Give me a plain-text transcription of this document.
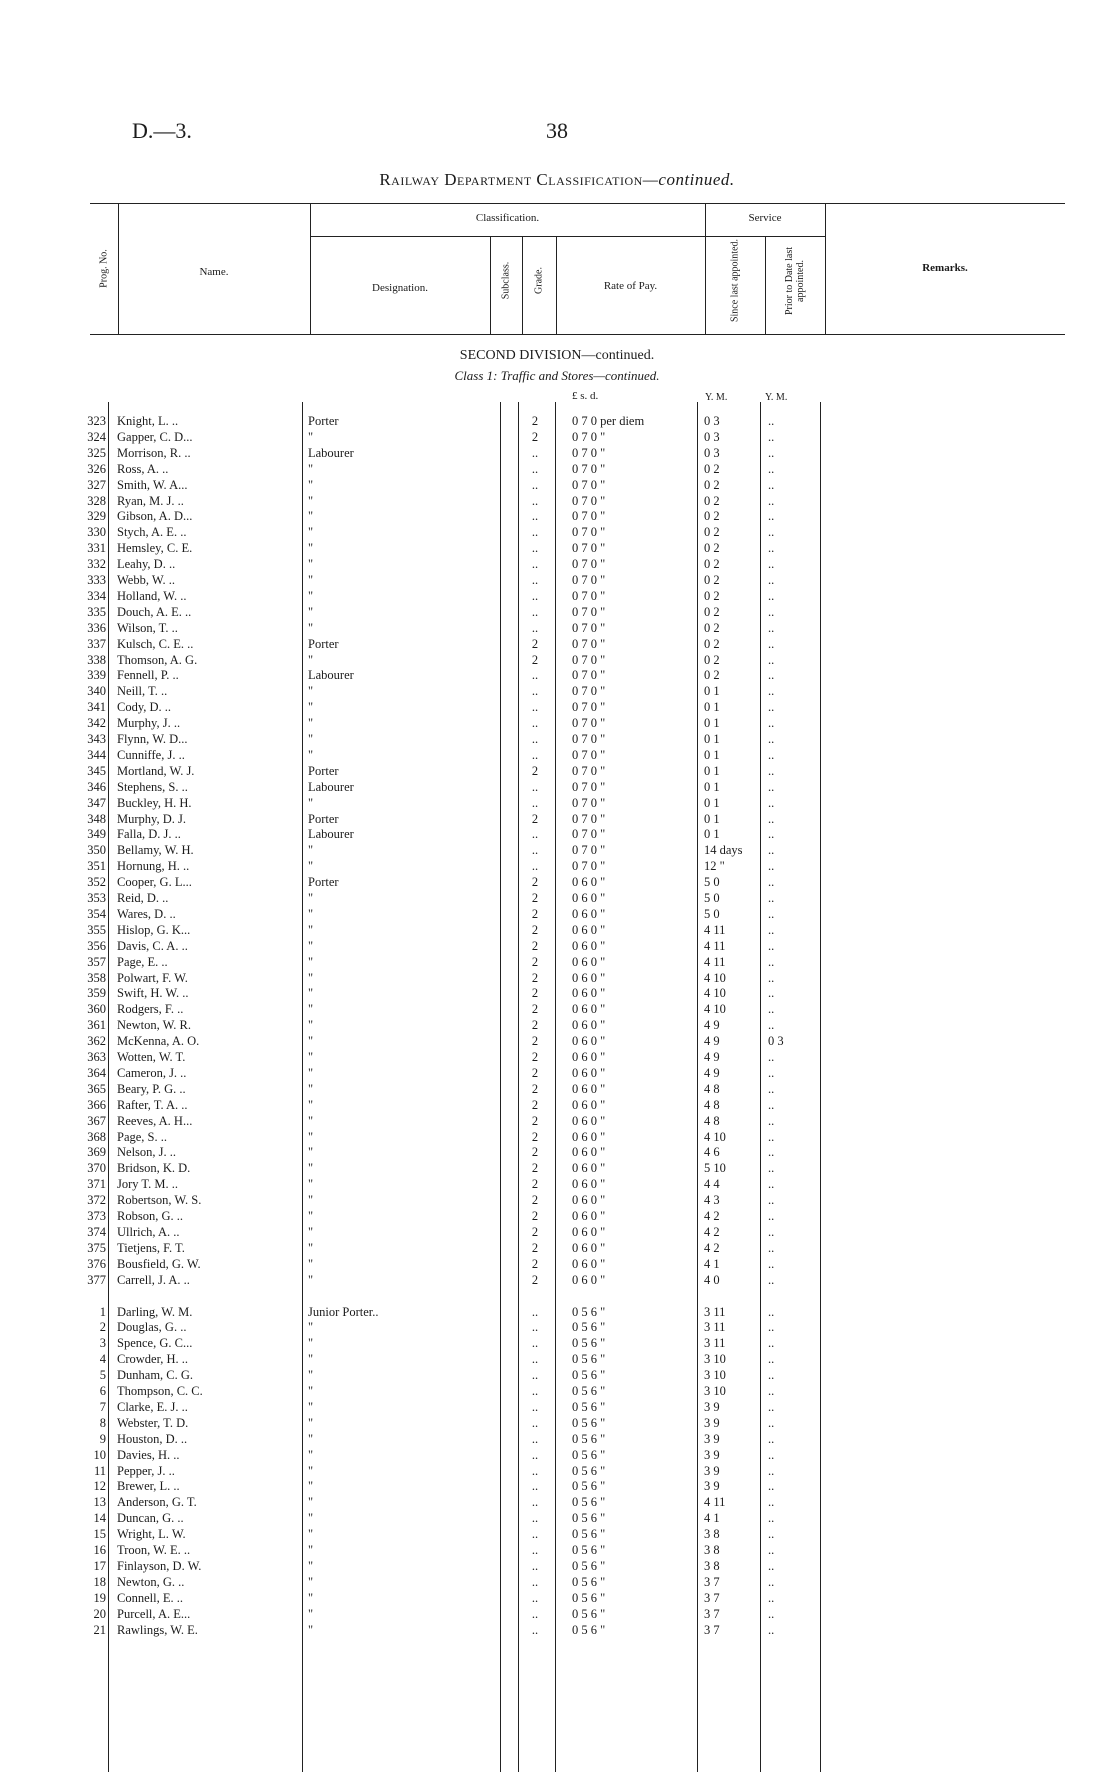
D.—3.	38
Railway Department Classification—continued.
Prog. No.	Name.
Classification.	Service
Designation.	Subclass. Grade.	Rate of Pay.	Since last appointed.	Prior to Date last appointed.	Remarks.
SECOND DIVISION—continued.
Class 1: Traffic and Stores—continued.
£ s. d.	Y. M.	Y. M.
323 Knight, L. ..	Porter	2	0 7 0 per diem	0 3	..
324 Gapper, C. D...	"	2	0 7 0 "	0 3	..
325 Morrison, R. ..	Labourer	..	0 7 0 "	0 3	..
326 Ross, A. ..	"	..	0 7 0 "	0 2	..
327 Smith, W. A...	"	..	0 7 0 "	0 2	..
328 Ryan, M. J. ..	"	..	0 7 0 "	0 2	..
329 Gibson, A. D...	"	..	0 7 0 "	0 2	..
330 Stych, A. E. ..	"	..	0 7 0 "	0 2	..
331 Hemsley, C. E.	"	..	0 7 0 "	0 2	..
332 Leahy, D. ..	"	..	0 7 0 "	0 2	..
333 Webb, W. ..	"	..	0 7 0 "	0 2	..
334 Holland, W. ..	"	..	0 7 0 "	0 2	..
335 Douch, A. E. ..	"	..	0 7 0 "	0 2	..
336 Wilson, T. ..	"	..	0 7 0 "	0 2	..
337 Kulsch, C. E. ..	Porter	2	0 7 0 "	0 2	..
338 Thomson, A. G.	"	2	0 7 0 "	0 2	..
339 Fennell, P. ..	Labourer	..	0 7 0 "	0 2	..
340 Neill, T. ..	"	..	0 7 0 "	0 1	..
341 Cody, D. ..	"	..	0 7 0 "	0 1	..
342 Murphy, J. ..	"	..	0 7 0 "	0 1	..
343 Flynn, W. D...	"	..	0 7 0 "	0 1	..
344 Cunniffe, J. ..	"	..	0 7 0 "	0 1	..
345 Mortland, W. J.	Porter	2	0 7 0 "	0 1	..
346 Stephens, S. ..	Labourer	..	0 7 0 "	0 1	..
347 Buckley, H. H.	"	..	0 7 0 "	0 1	..
348 Murphy, D. J.	Porter	2	0 7 0 "	0 1	..
349 Falla, D. J. ..	Labourer	..	0 7 0 "	0 1	..
350 Bellamy, W. H.	"	..	0 7 0 "	14 days ..
351 Hornung, H. ..	"	..	0 7 0 "	12 "	..
352 Cooper, G. L...	Porter	2	0 6 0 "	5 0	..
353 Reid, D. ..	"	2	0 6 0 "	5 0	..
354 Wares, D. ..	"	2	0 6 0 "	5 0	..
355 Hislop, G. K...	"	2	0 6 0 "	4 11	..
356 Davis, C. A. ..	"	2	0 6 0 "	4 11	..
357 Page, E. ..	"	2	0 6 0 "	4 11	..
358 Polwart, F. W.	"	2	0 6 0 "	4 10	..
359 Swift, H. W. ..	"	2	0 6 0 "	4 10	..
360 Rodgers, F. ..	"	2	0 6 0 "	4 10	..
361 Newton, W. R.	"	2	0 6 0 "	4 9	..
362 McKenna, A. O.	"	2	0 6 0 "	4 9	0 3
363 Wotten, W. T.	"	2	0 6 0 "	4 9	..
364 Cameron, J. ..	"	2	0 6 0 "	4 9	..
365 Beary, P. G. ..	"	2	0 6 0 "	4 8	..
366 Rafter, T. A. ..	"	2	0 6 0 "	4 8	..
367 Reeves, A. H...	"	2	0 6 0 "	4 8	..
368 Page, S. ..	"	2	0 6 0 "	4 10	..
369 Nelson, J. ..	"	2	0 6 0 "	4 6	..
370 Bridson, K. D.	"	2	0 6 0 "	5 10	..
371 Jory T. M. ..	"	2	0 6 0 "	4 4	..
372 Robertson, W. S.	"	2	0 6 0 "	4 3	..
373 Robson, G. ..	"	2	0 6 0 "	4 2	..
374 Ullrich, A. ..	"	2	0 6 0 "	4 2	..
375 Tietjens, F. T.	"	2	0 6 0 "	4 2	..
376 Bousfield, G. W.	"	2	0 6 0 "	4 1	..
377 Carrell, J. A. ..	"	2	0 6 0 "	4 0	..
1 Darling, W. M.	Junior Porter..	..	0 5 6 "	3 11	..
2 Douglas, G. ..	"	..	0 5 6 "	3 11	..
3 Spence, G. C...	"	..	0 5 6 "	3 11	..
4 Crowder, H. ..	"	..	0 5 6 "	3 10	..
5 Dunham, C. G.	"	..	0 5 6 "	3 10	..
6 Thompson, C. C.	"	..	0 5 6 "	3 10	..
7 Clarke, E. J. ..	"	..	0 5 6 "	3 9	..
8 Webster, T. D.	"	..	0 5 6 "	3 9	..
9 Houston, D. ..	"	..	0 5 6 "	3 9	..
10 Davies, H. ..	"	..	0 5 6 "	3 9	..
11 Pepper, J. ..	"	..	0 5 6 "	3 9	..
12 Brewer, L. ..	"	..	0 5 6 "	3 9	..
13 Anderson, G. T.	"	..	0 5 6 "	4 11	..
14 Duncan, G. ..	"	..	0 5 6 "	4 1	..
15 Wright, L. W.	"	..	0 5 6 "	3 8	..
16 Troon, W. E. ..	"	..	0 5 6 "	3 8	..
17 Finlayson, D. W.	"	..	0 5 6 "	3 8	..
18 Newton, G. ..	"	..	0 5 6 "	3 7	..
19 Connell, E. ..	"	..	0 5 6 "	3 7	..
20 Purcell, A. E...	"	..	0 5 6 "	3 7	..
21 Rawlings, W. E.	"	..	0 5 6 "	3 7	..
